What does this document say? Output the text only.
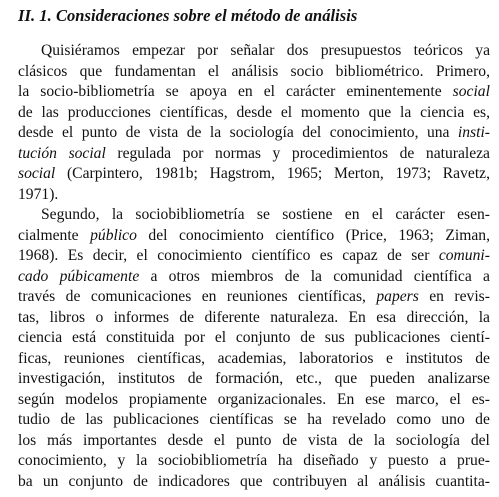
II. 1. Consideraciones sobre el método de análisis
Quisiéramos empezar por señalar dos presupuestos teóricos ya
clásicos que fundamentan el análisis socio bibliométrico. Primero,
la socio-bibliometría se apoya en el carácter eminentemente social
de las producciones científicas, desde el momento que la ciencia es,
desde el punto de vista de la sociología del conocimiento, una insti-
tución social regulada por normas y procedimientos de naturaleza
social (Carpintero, 1981b; Hagstrom, 1965; Merton, 1973; Ravetz,
1971).
Segundo, la sociobibliometría se sostiene en el carácter esen-
cialmente público del conocimiento científico (Price, 1963; Ziman,
1968). Es decir, el conocimiento científico es capaz de ser comuni-
cado púbicamente a otros miembros de la comunidad científica a
través de comunicaciones en reuniones científicas, papers en revis-
tas, libros o informes de diferente naturaleza. En esa dirección, la
ciencia está constituida por el conjunto de sus publicaciones cientí-
ficas, reuniones científicas, academias, laboratorios e institutos de
investigación, institutos de formación, etc., que pueden analizarse
según modelos propiamente organizacionales. En ese marco, el es-
tudio de las publicaciones científicas se ha revelado como uno de
los más importantes desde el punto de vista de la sociología del
conocimiento, y la sociobibliometría ha diseñado y puesto a prue-
ba un conjunto de indicadores que contribuyen al análisis cuantita-
